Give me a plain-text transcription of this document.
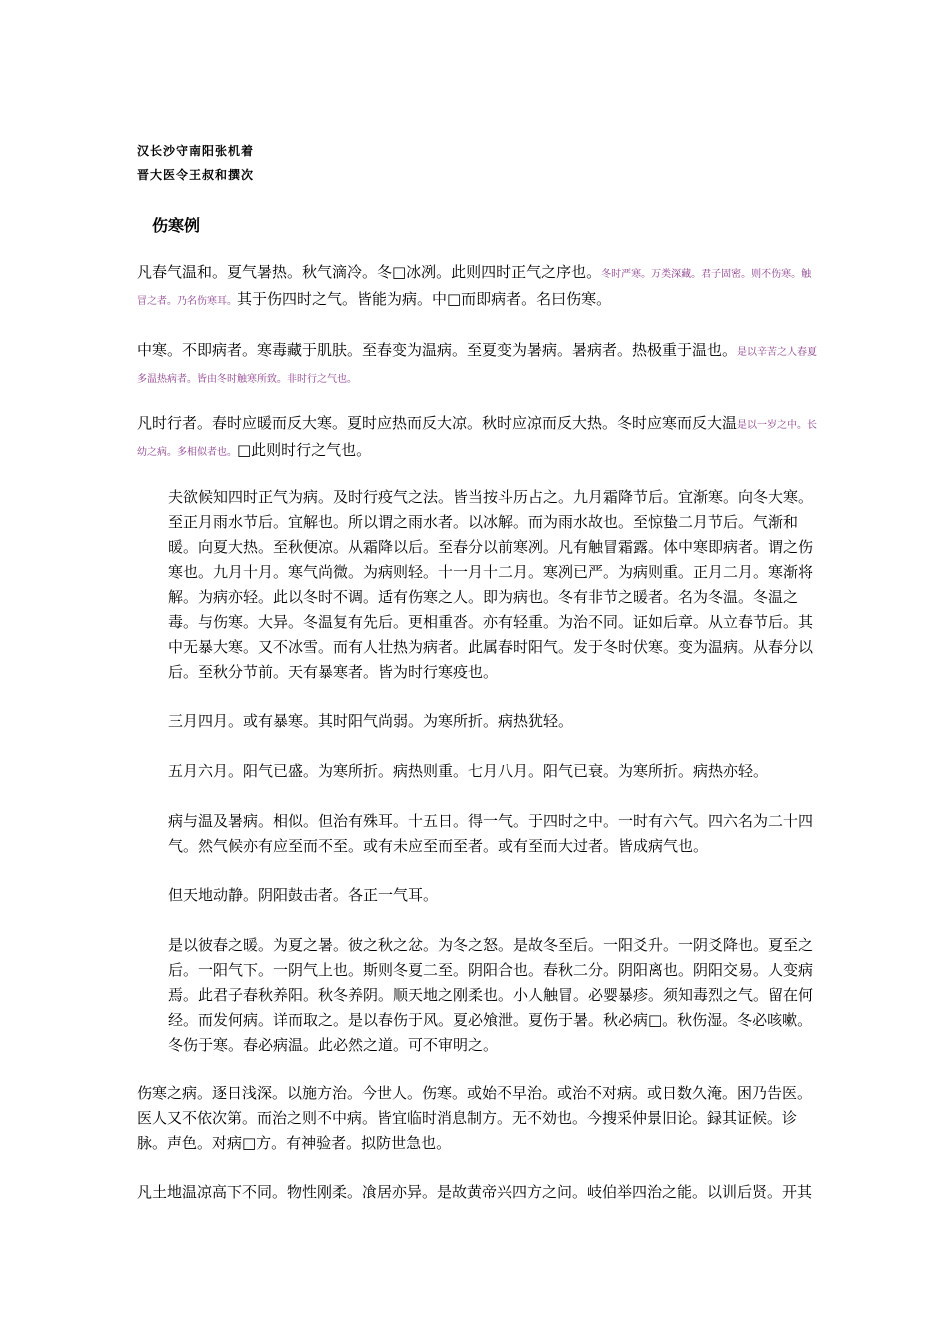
汉长沙守南阳张机着
晋大医令王叔和撰次
伤寒例
凡春气温和。夏气暑热。秋气滴冷。冬□冰冽。此则四时正气之序也。冬时严寒。万类深藏。君子固密。则不伤寒。触冒之者。乃名伤寒耳。其于伤四时之气。皆能为病。中□而即病者。名曰伤寒。
中寒。不即病者。寒毒藏于肌肤。至春变为温病。至夏变为暑病。暑病者。热极重于温也。是以辛苦之人春夏多温热病者。皆由冬时触寒所致。非时行之气也。
凡时行者。春时应暖而反大寒。夏时应热而反大凉。秋时应凉而反大热。冬时应寒而反大温是以一岁之中。长幼之病。多相似者也。□此则时行之气也。
夫欲候知四时正气为病。及时行疫气之法。皆当按斗历占之。九月霜降节后。宜渐寒。向冬大寒。至正月雨水节后。宜解也。所以谓之雨水者。以冰解。而为雨水故也。至惊蛰二月节后。气渐和暖。向夏大热。至秋便凉。从霜降以后。至春分以前寒冽。凡有触冒霜露。体中寒即病者。谓之伤寒也。九月十月。寒气尚微。为病则轻。十一月十二月。寒冽已严。为病则重。正月二月。寒渐将解。为病亦轻。此以冬时不调。适有伤寒之人。即为病也。冬有非节之暖者。名为冬温。冬温之毒。与伤寒。大异。冬温复有先后。更相重沓。亦有轻重。为治不同。证如后章。从立春节后。其中无暴大寒。又不冰雪。而有人壮热为病者。此属春时阳气。发于冬时伏寒。变为温病。从春分以后。至秋分节前。天有暴寒者。皆为时行寒疫也。
三月四月。或有暴寒。其时阳气尚弱。为寒所折。病热犹轻。
五月六月。阳气已盛。为寒所折。病热则重。七月八月。阳气已衰。为寒所折。病热亦轻。
病与温及暑病。相似。但治有殊耳。十五日。得一气。于四时之中。一时有六气。四六名为二十四气。然气候亦有应至而不至。或有未应至而至者。或有至而大过者。皆成病气也。
但天地动静。阴阳鼓击者。各正一气耳。
是以彼春之暖。为夏之暑。彼之秋之忿。为冬之怒。是故冬至后。一阳爻升。一阴爻降也。夏至之后。一阳气下。一阴气上也。斯则冬夏二至。阴阳合也。春秋二分。阴阳离也。阴阳交易。人变病焉。此君子春秋养阳。秋冬养阴。顺天地之刚柔也。小人触冒。必婴暴疹。须知毒烈之气。留在何经。而发何病。详而取之。是以春伤于风。夏必飧泄。夏伤于暑。秋必病□。秋伤湿。冬必咳嗽。冬伤于寒。春必病温。此必然之道。可不审明之。
伤寒之病。逐日浅深。以施方治。今世人。伤寒。或始不早治。或治不对病。或日数久淹。困乃告医。医人又不依次第。而治之则不中病。皆宜临时消息制方。无不効也。今搜采仲景旧论。録其证候。诊脉。声色。对病□方。有神验者。拟防世急也。
凡土地温凉高下不同。物性刚柔。飡居亦异。是故黄帝兴四方之问。岐伯举四治之能。以训后贤。开其
